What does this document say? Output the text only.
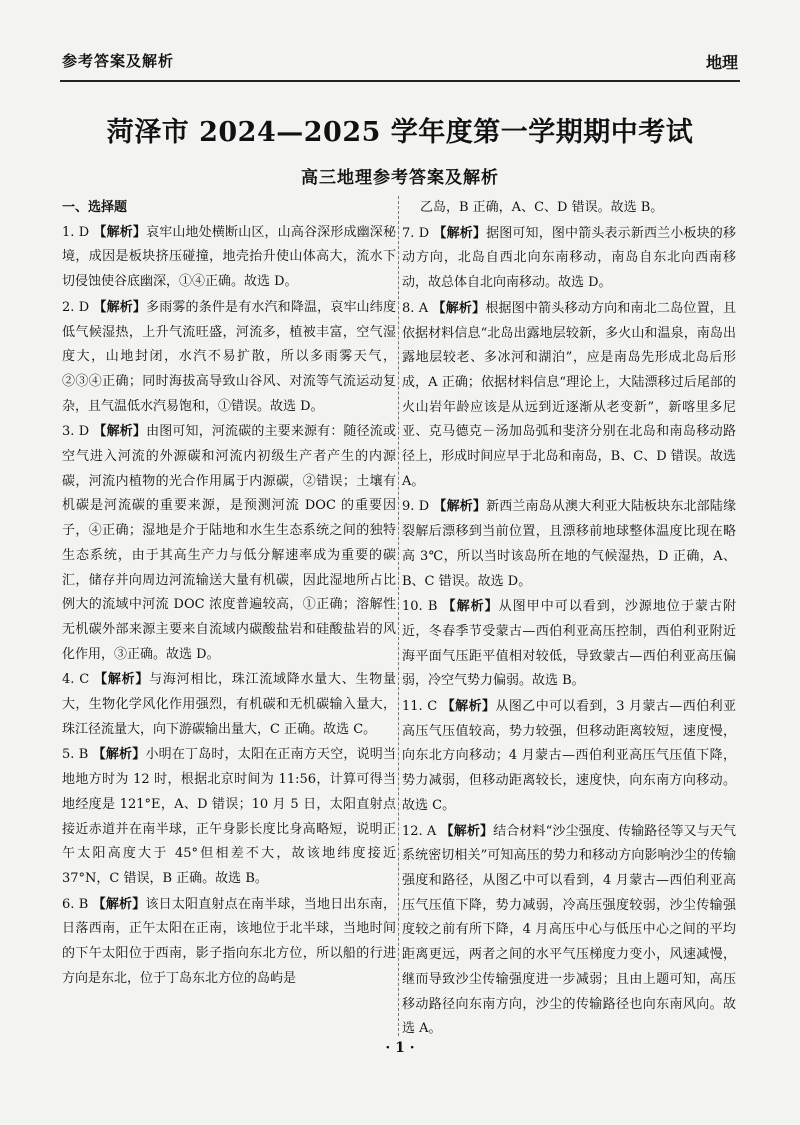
参考答案及解析	地理
菏泽市 2024—2025 学年度第一学期期中考试
高三地理参考答案及解析

一、选择题

1. D 【解析】哀牢山地处横断山区，山高谷深形成幽深秘境，成因是板块挤压碰撞，地壳抬升使山体高大，流水下切侵蚀使谷底幽深，①④正确。故选 D。

2. D 【解析】多雨雾的条件是有水汽和降温，哀牢山纬度低气候湿热，上升气流旺盛，河流多，植被丰富，空气湿度大，山地封闭，水汽不易扩散，所以多雨雾天气，②③④正确；同时海拔高导致山谷风、对流等气流运动复杂，且气温低水汽易饱和，①错误。故选 D。

3. D 【解析】由图可知，河流碳的主要来源有：随径流或空气进入河流的外源碳和河流内初级生产者产生的内源碳，河流内植物的光合作用属于内源碳，②错误；土壤有机碳是河流碳的重要来源，是预测河流 DOC 的重要因子，④正确；湿地是介于陆地和水生生态系统之间的独特生态系统，由于其高生产力与低分解速率成为重要的碳汇，储存并向周边河流输送大量有机碳，因此湿地所占比例大的流域中河流 DOC 浓度普遍较高，①正确；溶解性无机碳外部来源主要来自流域内碳酸盐岩和硅酸盐岩的风化作用，③正确。故选 D。

4. C 【解析】与海河相比，珠江流域降水量大、生物量大，生物化学风化作用强烈，有机碳和无机碳输入量大，珠江径流量大，向下游碳输出量大，C 正确。故选 C。

5. B 【解析】小明在丁岛时，太阳在正南方天空，说明当地地方时为 12 时，根据北京时间为 11:56，计算可得当地经度是 121°E，A、D 错误；10 月 5 日，太阳直射点接近赤道并在南半球，正午身影长度比身高略短，说明正午太阳高度大于 45°但相差不大，故该地纬度接近 37°N，C 错误，B 正确。故选 B。

6. B 【解析】该日太阳直射点在南半球，当地日出东南，日落西南，正午太阳在正南，该地位于北半球，当地时间的下午太阳位于西南，影子指向东北方位，所以船的行进方向是东北，位于丁岛东北方位的岛屿是

乙岛，B 正确，A、C、D 错误。故选 B。

7. D 【解析】据图可知，图中箭头表示新西兰小板块的移动方向，北岛自西北向东南移动，南岛自东北向西南移动，故总体自北向南移动。故选 D。

8. A 【解析】根据图中箭头移动方向和南北二岛位置，且依据材料信息“北岛出露地层较新，多火山和温泉，南岛出露地层较老、多冰河和湖泊”，应是南岛先形成北岛后形成，A 正确；依据材料信息“理论上，大陆漂移过后尾部的火山岩年龄应该是从远到近逐渐从老变新”，新喀里多尼亚、克马德克－汤加岛弧和斐济分别在北岛和南岛移动路径上，形成时间应早于北岛和南岛，B、C、D 错误。故选 A。

9. D 【解析】新西兰南岛从澳大利亚大陆板块东北部陆缘裂解后漂移到当前位置，且漂移前地球整体温度比现在略高 3℃，所以当时该岛所在地的气候湿热，D 正确，A、B、C 错误。故选 D。

10. B 【解析】从图甲中可以看到，沙源地位于蒙古附近，冬春季节受蒙古—西伯利亚高压控制，西伯利亚附近海平面气压距平值相对较低，导致蒙古—西伯利亚高压偏弱，冷空气势力偏弱。故选 B。

11. C 【解析】从图乙中可以看到，3 月蒙古—西伯利亚高压气压值较高，势力较强，但移动距离较短，速度慢，向东北方向移动；4 月蒙古—西伯利亚高压气压值下降，势力减弱，但移动距离较长，速度快，向东南方向移动。故选 C。

12. A 【解析】结合材料“沙尘强度、传输路径等又与天气系统密切相关”可知高压的势力和移动方向影响沙尘的传输强度和路径，从图乙中可以看到，4 月蒙古—西伯利亚高压气压值下降，势力减弱，冷高压强度较弱，沙尘传输强度较之前有所下降，4 月高压中心与低压中心之间的平均距离更远，两者之间的水平气压梯度力变小，风速减慢，继而导致沙尘传输强度进一步减弱；且由上题可知，高压移动路径向东南方向，沙尘的传输路径也向东南风向。故选 A。

· 1 ·
